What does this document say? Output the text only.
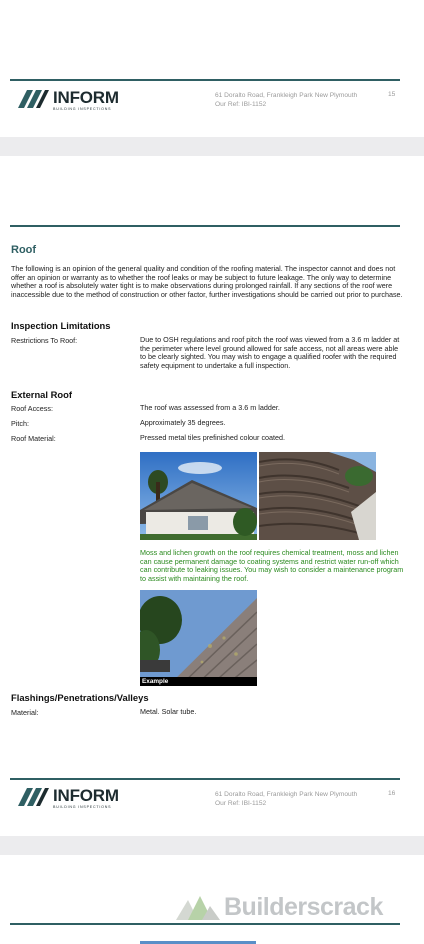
INFORM
BUILDING INSPECTIONS
61 Doralto Road, Frankleigh Park New Plymouth
Our Ref: IBI-1152
15
Roof
The following is an opinion of the general quality and condition of the roofing material. The inspector cannot and does not offer an opinion or warranty as to whether the roof leaks or may be subject to future leakage. The only way to determine whether a roof is absolutely water tight is to make observations during prolonged rainfall. If any sections of the roof were inaccessible due to the method of construction or other factor, further investigations should be carried out prior to purchase.
Inspection Limitations
Restrictions To Roof:	Due to OSH regulations and roof pitch the roof was viewed from a 3.6 m ladder at the perimeter where level ground allowed for safe access, not all areas were able to be clearly sighted. You may wish to engage a qualified roofer with the required safety equipment to undertake a full inspection.
External Roof
Roof Access:	The roof was assessed from a 3.6 m ladder.
Pitch:	Approximately 35 degrees.
Roof Material:	Pressed metal tiles prefinished colour coated.
Moss and lichen growth on the roof requires chemical treatment, moss and lichen can cause permanent damage to coating systems and restrict water run-off which can contribute to leaking issues. You may wish to consider a maintenance program to assist with maintaining the roof.
Example
Flashings/Penetrations/Valleys
Material:	Metal. Solar tube.
INFORM
BUILDING INSPECTIONS
61 Doralto Road, Frankleigh Park New Plymouth
Our Ref: IBI-1152
16
Builderscrack
